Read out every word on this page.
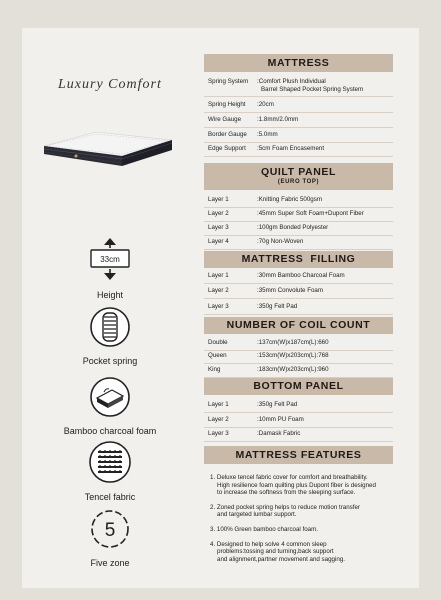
Luxury Comfort
33cm
Height
Pocket spring
Bamboo charcoal foam
Tencel fabric
5
Five zone
MATTRESS
Spring System :Comfort Plush Individual
Barrel Shaped Pocket Spring System
Spring Height :20cm
Wire Gauge	:1.8mm/2.0mm
Border Gauge :5.0mm
Edge Support :5cm Foam Encasement
QUILT PANEL
(EURO TOP)
Layer 1	:Knitting Fabric 500gsm
Layer 2	:45mm Super Soft Foam+Dupont Fiber
Layer 3	:100gm Bonded Polyester
Layer 4	:70g Non-Woven
MATTRESS  FILLING
Layer 1	:30mm Bamboo Charcoal Foam
Layer 2	:35mm Convolute Foam
Layer 3	:350g Felt Pad
NUMBER OF COIL COUNT
Double	:137cm(W)x187cm(L):660
Queen	:153cm(W)x203cm(L):768
King	:183cm(W)x203cm(L):960
BOTTOM PANEL
Layer 1	:350g Felt Pad
Layer 2	:10mm PU Foam
Layer 3	:Damask Fabric
MATTRESS FEATURES
1. Deluxe tencel fabric cover for comfort and breathability.
High resilience foam quilting plus Dupont fiber is designed
to increase the softness from the sleeping surface.
2. Zoned pocket spring helps to reduce motion transfer
and targeted lumbar support.
3. 100% Green bamboo charcoal foam.
4. Designed to help solve 4 common sleep
problems:tossing and turning,back support
and alignment,partner movement and sagging.
